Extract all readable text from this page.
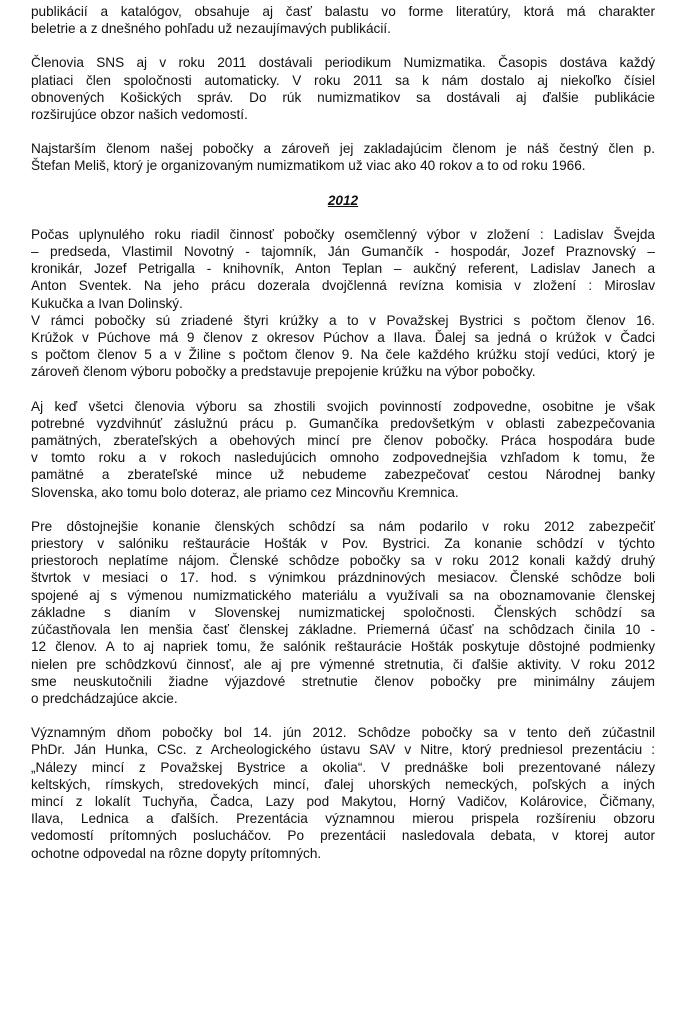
publikácií a katalógov, obsahuje aj časť balastu vo forme literatúry, ktorá má charakter
beletrie a z dnešného pohľadu už nezaujímavých publikácií.
Členovia SNS aj v roku 2011 dostávali periodikum Numizmatika. Časopis dostáva každý
platiaci člen spoločnosti automaticky. V roku 2011 sa k nám dostalo aj niekoľko čísiel
obnovených Košických správ. Do rúk numizmatikov sa dostávali aj ďalšie publikácie
rozširujúce obzor našich vedomostí.
Najstarším členom našej pobočky a zároveň jej zakladajúcim členom je náš čestný člen p.
Štefan Meliš, ktorý je organizovaným numizmatikom už viac ako 40 rokov a to od roku 1966.
2012
Počas uplynulého roku riadil činnosť pobočky osemčlenný výbor v zložení : Ladislav Švejda
– predseda, Vlastimil Novotný - tajomník, Ján Gumančík - hospodár, Jozef Praznovský –
kronikár, Jozef Petrigalla - knihovník, Anton Teplan – aukčný referent, Ladislav Janech a
Anton Sventek. Na jeho prácu dozerala dvojčlenná revízna komisia v zložení : Miroslav
Kukučka a Ivan Dolinský.
V rámci pobočky sú zriadené štyri krúžky a to v Považskej Bystrici s počtom členov 16.
Krúžok v Púchove má 9 členov z okresov Púchov a Ilava. Ďalej sa jedná o krúžok v Čadci
s počtom členov 5 a v Žiline s počtom členov 9. Na čele každého krúžku stojí vedúci, ktorý je
zároveň členom výboru pobočky a predstavuje prepojenie krúžku na výbor pobočky.
Aj keď všetci členovia výboru sa zhostili svojich povinností zodpovedne, osobitne je však
potrebné vyzdvihnúť záslužnú prácu p. Gumančíka predovšetkým v oblasti zabezpečovania
pamätných, zberateľských a obehových mincí pre členov pobočky. Práca hospodára bude
v tomto roku a v rokoch nasledujúcich omnoho zodpovednejšia vzhľadom k tomu, že
pamätné a zberateľské mince už nebudeme zabezpečovať cestou Národnej banky
Slovenska, ako tomu bolo doteraz, ale priamo cez Mincovňu Kremnica.
Pre dôstojnejšie konanie členských schôdzí sa nám podarilo v roku 2012 zabezpečiť
priestory v salóniku reštaurácie Hošták v Pov. Bystrici. Za konanie schôdzí v týchto
priestoroch neplatíme nájom. Členské schôdze pobočky sa v roku 2012 konali každý druhý
štvrtok v mesiaci o 17. hod. s výnimkou prázdninových mesiacov. Členské schôdze boli
spojené aj s výmenou numizmatického materiálu a využívali sa na oboznamovanie členskej
základne s dianím v Slovenskej numizmatickej spoločnosti. Členských schôdzí sa
zúčastňovala len menšia časť členskej základne. Priemerná účasť na schôdzach činila 10 -
12 členov. A to aj napriek tomu, že salónik reštaurácie Hošták poskytuje dôstojné podmienky
nielen pre schôdzkovú činnosť, ale aj pre výmenné stretnutia, či ďalšie aktivity. V roku 2012
sme neuskutočnili žiadne výjazdové stretnutie členov pobočky pre minimálny záujem
o predchádzajúce akcie.
Významným dňom pobočky bol 14. jún 2012. Schôdze pobočky sa v tento deň zúčastnil
PhDr. Ján Hunka, CSc. z Archeologického ústavu SAV v Nitre, ktorý predniesol prezentáciu :
„Nálezy mincí z Považskej Bystrice a okolia“. V prednáške boli prezentované nálezy
keltských, rímskych, stredovekých mincí, ďalej uhorských nemeckých, poľských a iných
mincí z lokalít Tuchyňa, Čadca, Lazy pod Makytou, Horný Vadičov, Kolárovice, Čičmany,
Ilava, Lednica a ďalších. Prezentácia významnou mierou prispela rozšíreniu obzoru
vedomostí prítomných poslucháčov. Po prezentácii nasledovala debata, v ktorej autor
ochotne odpovedal na rôzne dopyty prítomných.
